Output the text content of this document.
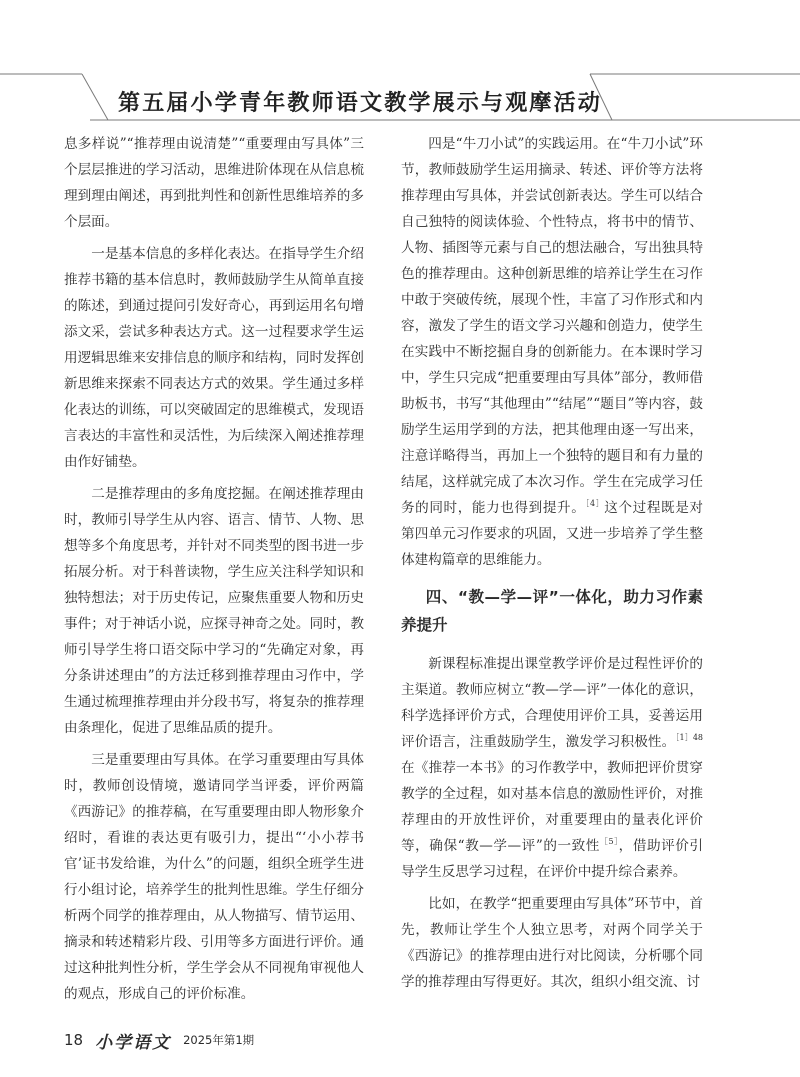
第五届小学青年教师语文教学展示与观摩活动

息多样说”“推荐理由说清楚”“重要理由写具体”三个层层推进的学习活动，思维进阶体现在从信息梳理到理由阐述，再到批判性和创新性思维培养的多个层面。

一是基本信息的多样化表达。在指导学生介绍推荐书籍的基本信息时，教师鼓励学生从简单直接的陈述，到通过提问引发好奇心，再到运用名句增添文采，尝试多种表达方式。这一过程要求学生运用逻辑思维来安排信息的顺序和结构，同时发挥创新思维来探索不同表达方式的效果。学生通过多样化表达的训练，可以突破固定的思维模式，发现语言表达的丰富性和灵活性，为后续深入阐述推荐理由作好铺垫。

二是推荐理由的多角度挖掘。在阐述推荐理由时，教师引导学生从内容、语言、情节、人物、思想等多个角度思考，并针对不同类型的图书进一步拓展分析。对于科普读物，学生应关注科学知识和独特想法；对于历史传记，应聚焦重要人物和历史事件；对于神话小说，应探寻神奇之处。同时，教师引导学生将口语交际中学习的“先确定对象，再分条讲述理由”的方法迁移到推荐理由习作中，学生通过梳理推荐理由并分段书写，将复杂的推荐理由条理化，促进了思维品质的提升。

三是重要理由写具体。在学习重要理由写具体时，教师创设情境，邀请同学当评委，评价两篇《西游记》的推荐稿，在写重要理由即人物形象介绍时，看谁的表达更有吸引力，提出“‘小小荐书官’证书发给谁，为什么”的问题，组织全班学生进行小组讨论，培养学生的批判性思维。学生仔细分析两个同学的推荐理由，从人物描写、情节运用、摘录和转述精彩片段、引用等多方面进行评价。通过这种批判性分析，学生学会从不同视角审视他人的观点，形成自己的评价标准。

四是“牛刀小试”的实践运用。在“牛刀小试”环节，教师鼓励学生运用摘录、转述、评价等方法将推荐理由写具体，并尝试创新表达。学生可以结合自己独特的阅读体验、个性特点，将书中的情节、人物、插图等元素与自己的想法融合，写出独具特色的推荐理由。这种创新思维的培养让学生在习作中敢于突破传统，展现个性，丰富了习作形式和内容，激发了学生的语文学习兴趣和创造力，使学生在实践中不断挖掘自身的创新能力。在本课时学习中，学生只完成“把重要理由写具体”部分，教师借助板书，书写“其他理由”“结尾”“题目”等内容，鼓励学生运用学到的方法，把其他理由逐一写出来，注意详略得当，再加上一个独特的题目和有力量的结尾，这样就完成了本次习作。学生在完成学习任务的同时，能力也得到提升。$^{[4]}$这个过程既是对第四单元习作要求的巩固，又进一步培养了学生整体建构篇章的思维能力。

四、“教—学—评”一体化，助力习作素养提升

新课程标准提出课堂教学评价是过程性评价的主渠道。教师应树立“教—学—评”一体化的意识，科学选择评价方式，合理使用评价工具，妥善运用评价语言，注重鼓励学生，激发学习积极性。$^{[1]48}$在《推荐一本书》的习作教学中，教师把评价贯穿教学的全过程，如对基本信息的激励性评价，对推荐理由的开放性评价，对重要理由的量表化评价等，确保“教—学—评”的一致性$^{[5]}$，借助评价引导学生反思学习过程，在评价中提升综合素养。

比如，在教学“把重要理由写具体”环节中，首先，教师让学生个人独立思考，对两个同学关于《西游记》的推荐理由进行对比阅读，分析哪个同学的推荐理由写得更好。其次，组织小组交流、讨

18 小学语文 2025年第1期
